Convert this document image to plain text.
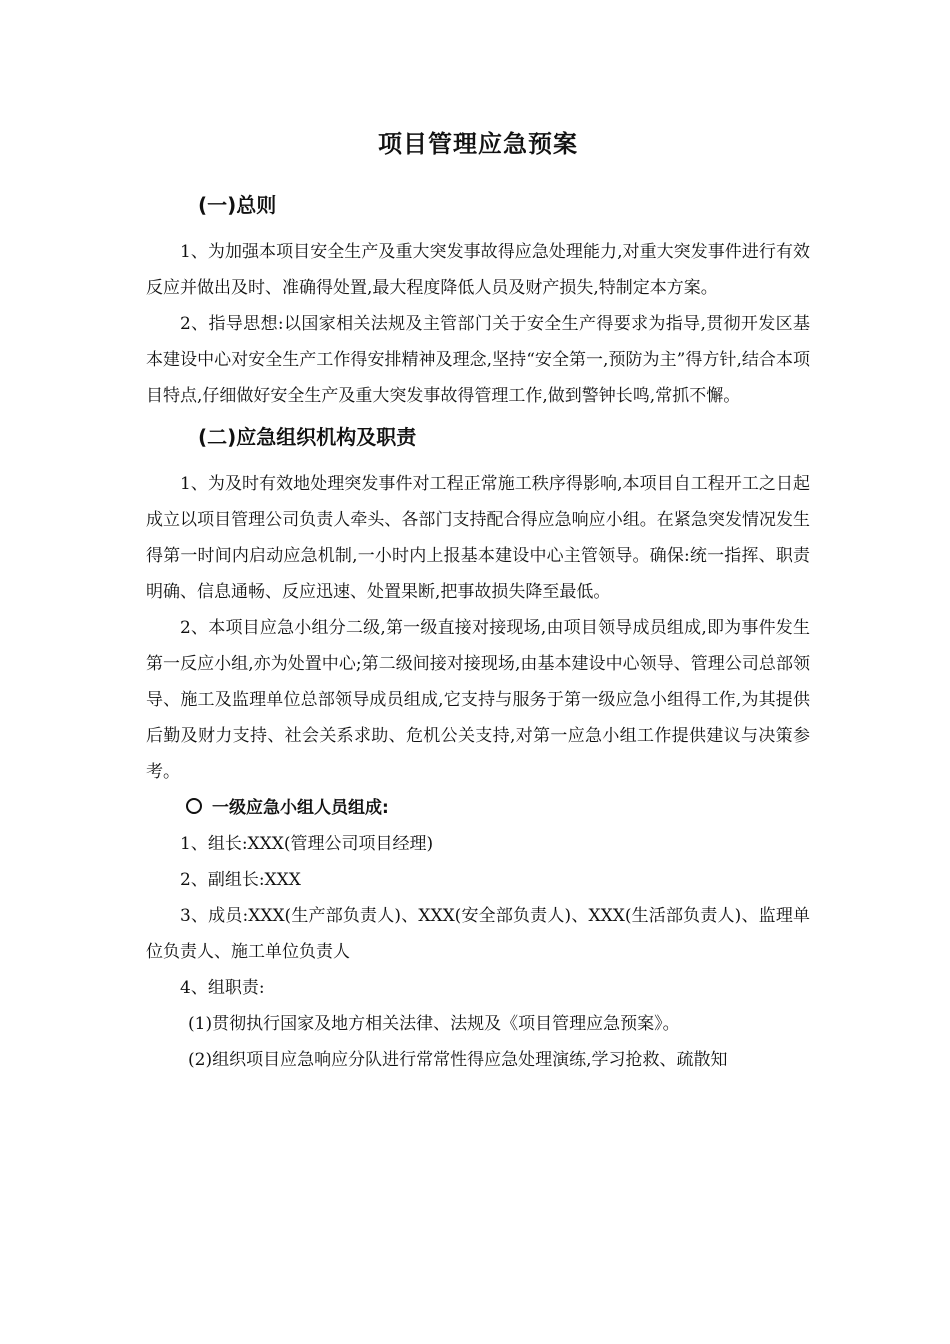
项目管理应急预案
(一)总则

1、为加强本项目安全生产及重大突发事故得应急处理能力,对重大突发事件进行有效反应并做出及时、准确得处置,最大程度降低人员及财产损失,特制定本方案。

2、指导思想:以国家相关法规及主管部门关于安全生产得要求为指导,贯彻开发区基本建设中心对安全生产工作得安排精神及理念,坚持“安全第一,预防为主”得方针,结合本项目特点,仔细做好安全生产及重大突发事故得管理工作,做到警钟长鸣,常抓不懈。

(二)应急组织机构及职责

1、为及时有效地处理突发事件对工程正常施工秩序得影响,本项目自工程开工之日起成立以项目管理公司负责人牵头、各部门支持配合得应急响应小组。在紧急突发情况发生得第一时间内启动应急机制,一小时内上报基本建设中心主管领导。确保:统一指挥、职责明确、信息通畅、反应迅速、处置果断,把事故损失降至最低。

2、本项目应急小组分二级,第一级直接对接现场,由项目领导成员组成,即为事件发生第一反应小组,亦为处置中心;第二级间接对接现场,由基本建设中心领导、管理公司总部领导、施工及监理单位总部领导成员组成,它支持与服务于第一级应急小组得工作,为其提供后勤及财力支持、社会关系求助、危机公关支持,对第一应急小组工作提供建议与决策参考。

一级应急小组人员组成:

1、组长:XXX(管理公司项目经理)

2、副组长:XXX

3、成员:XXX(生产部负责人)、XXX(安全部负责人)、XXX(生活部负责人)、监理单位负责人、施工单位负责人

4、组职责:

(1)贯彻执行国家及地方相关法律、法规及《项目管理应急预案》。

(2)组织项目应急响应分队进行常常性得应急处理演练,学习抢救、疏散知
